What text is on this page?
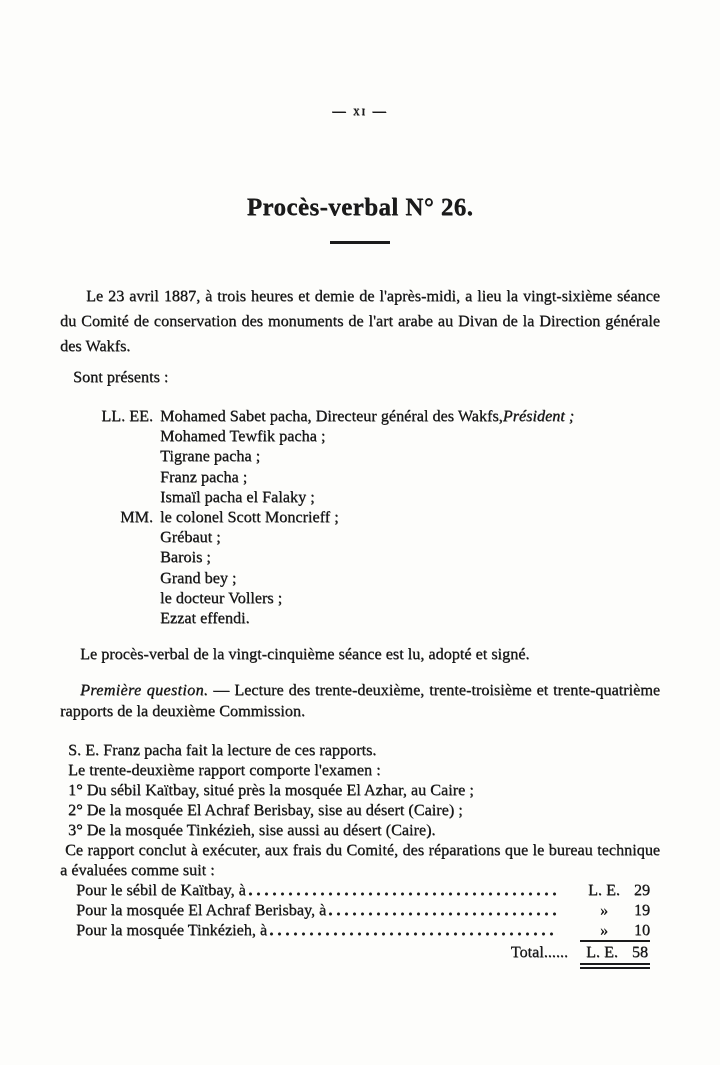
— xi —
Procès-verbal N° 26.

Le 23 avril 1887, à trois heures et demie de l'après-midi, a lieu la vingt-sixième séance du Comité de conservation des monuments de l'art arabe au Divan de la Direction générale des Wakfs.

Sont présents :

LL. EE. Mohamed Sabet pacha, Directeur général des Wakfs, Président ;
Mohamed Tewfik pacha ;
Tigrane pacha ;
Franz pacha ;
Ismaïl pacha el Falaky ;
MM. le colonel Scott Moncrieff ;
Grébaut ;
Barois ;
Grand bey ;
le docteur Vollers ;
Ezzat effendi.

Le procès-verbal de la vingt-cinquième séance est lu, adopté et signé.

Première question. — Lecture des trente-deuxième, trente-troisième et trente-quatrième rapports de la deuxième Commission.

S. E. Franz pacha fait la lecture de ces rapports.
Le trente-deuxième rapport comporte l'examen :
1° Du sébil Kaïtbay, situé près la mosquée El Azhar, au Caire ;
2° De la mosquée El Achraf Berisbay, sise au désert (Caire) ;
3° De la mosquée Tinkézieh, sise aussi au désert (Caire).

Ce rapport conclut à exécuter, aux frais du Comité, des réparations que le bureau technique a évaluées comme suit :

Pour le sébil de Kaïtbay, à	L. E. 29
Pour la mosquée El Achraf Berisbay, à	»	19
Pour la mosquée Tinkézieh, à	»	10
Total...... L. E. 58
